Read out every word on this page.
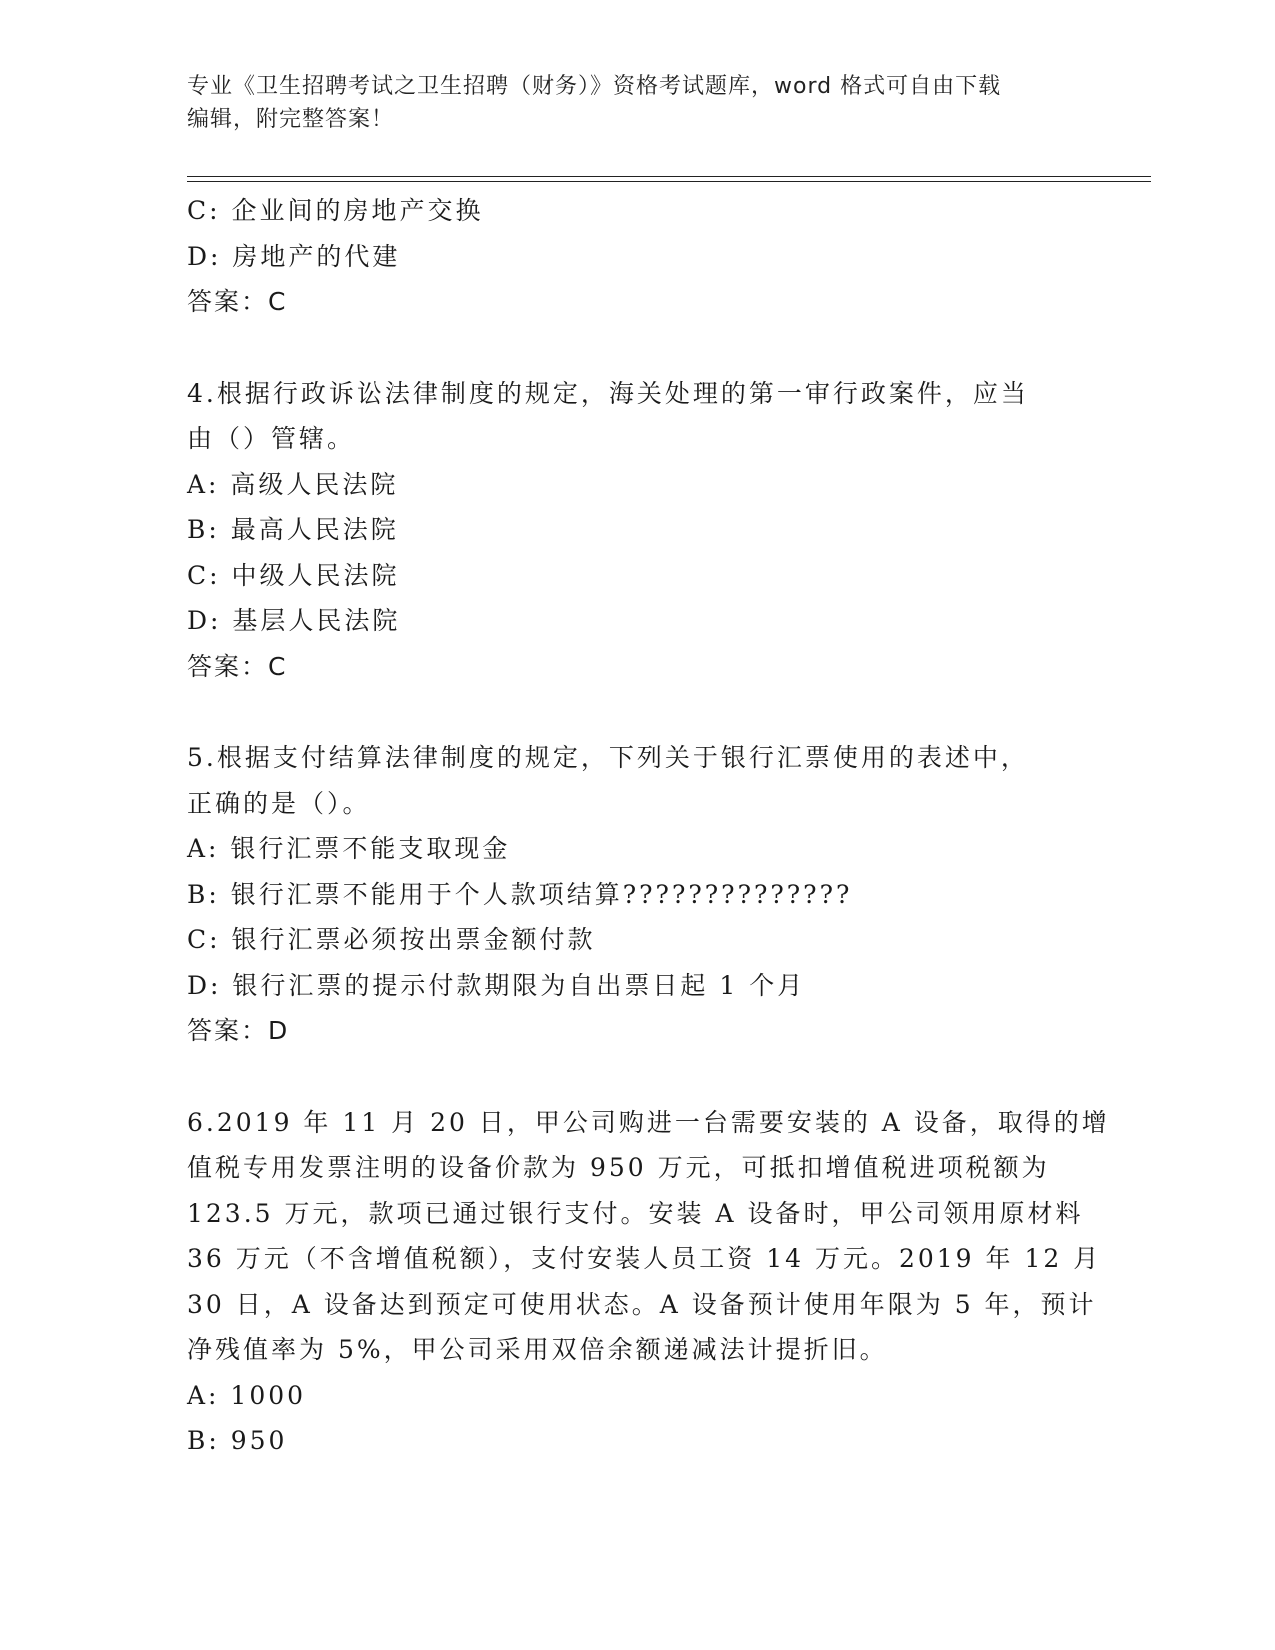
专业《卫生招聘考试之卫生招聘（财务）》资格考试题库，word 格式可自由下载
编辑，附完整答案！
C: 企业间的房地产交换
D: 房地产的代建
答案：C
4.根据行政诉讼法律制度的规定，海关处理的第一审行政案件，应当
由（）管辖。
A: 高级人民法院
B: 最高人民法院
C: 中级人民法院
D: 基层人民法院
答案：C
5.根据支付结算法律制度的规定，下列关于银行汇票使用的表述中，
正确的是（）。
A: 银行汇票不能支取现金
B: 银行汇票不能用于个人款项结算??????????????
C: 银行汇票必须按出票金额付款
D: 银行汇票的提示付款期限为自出票日起 1 个月
答案：D
6.2019 年 11 月 20 日，甲公司购进一台需要安装的 A 设备，取得的增
值税专用发票注明的设备价款为 950 万元，可抵扣增值税进项税额为
123.5 万元，款项已通过银行支付。安装 A 设备时，甲公司领用原材料
36 万元（不含增值税额），支付安装人员工资 14 万元。2019 年 12 月
30 日，A 设备达到预定可使用状态。A 设备预计使用年限为 5 年，预计
净残值率为 5%，甲公司采用双倍余额递减法计提折旧。
A: 1000
B: 950
